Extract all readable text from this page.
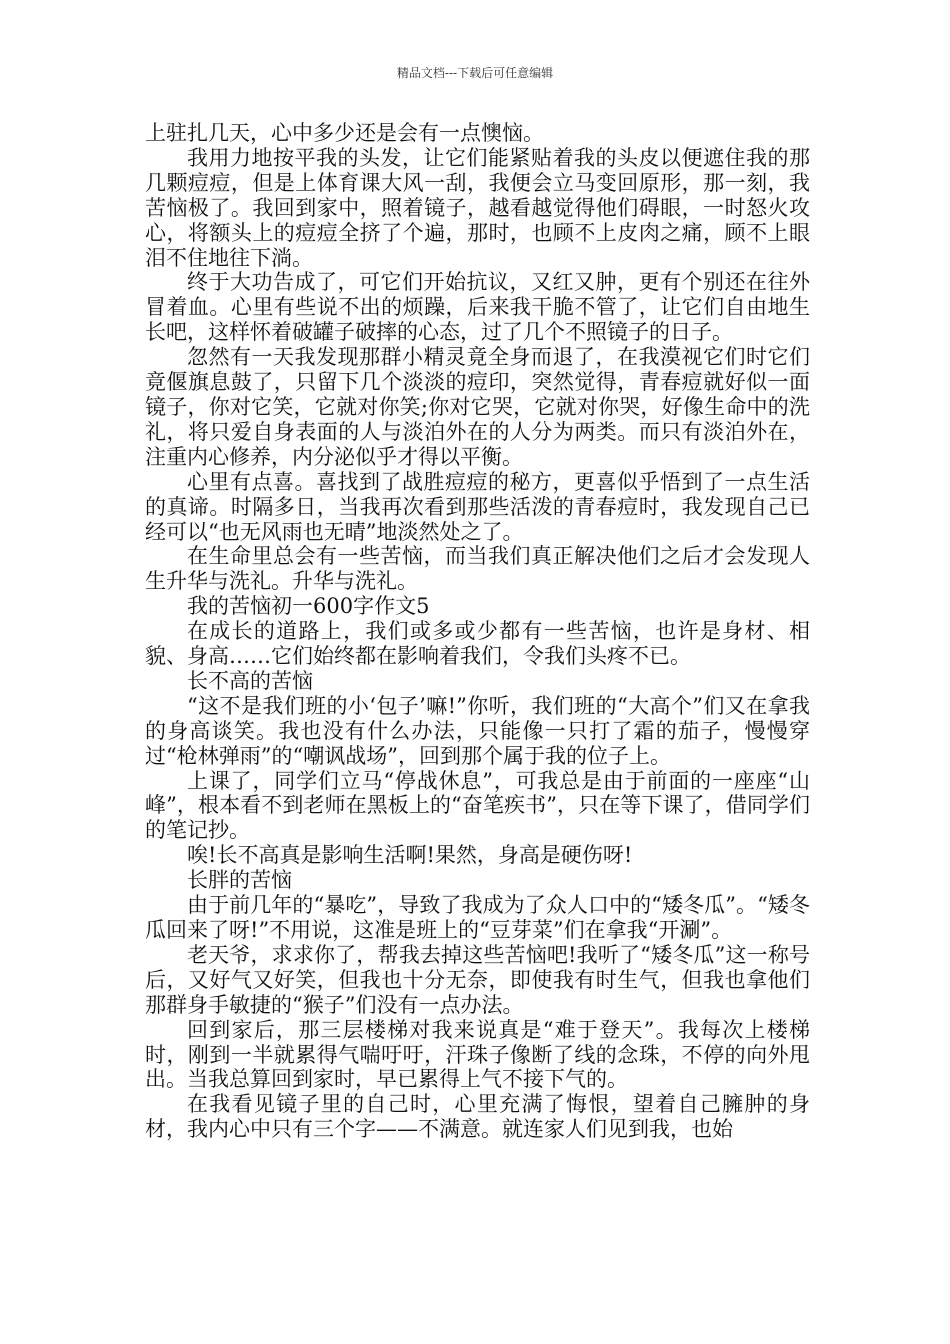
精品文档---下载后可任意编辑

上驻扎几天，心中多少还是会有一点懊恼。

我用力地按平我的头发，让它们能紧贴着我的头皮以便遮住我的那几颗痘痘，但是上体育课大风一刮，我便会立马变回原形，那一刻，我苦恼极了。我回到家中，照着镜子，越看越觉得他们碍眼，一时怒火攻心，将额头上的痘痘全挤了个遍，那时，也顾不上皮肉之痛，顾不上眼泪不住地往下淌。

终于大功告成了，可它们开始抗议，又红又肿，更有个别还在往外冒着血。心里有些说不出的烦躁，后来我干脆不管了，让它们自由地生长吧，这样怀着破罐子破摔的心态，过了几个不照镜子的日子。

忽然有一天我发现那群小精灵竟全身而退了，在我漠视它们时它们竟偃旗息鼓了，只留下几个淡淡的痘印，突然觉得，青春痘就好似一面镜子，你对它笑，它就对你笑;你对它哭，它就对你哭，好像生命中的洗礼，将只爱自身表面的人与淡泊外在的人分为两类。而只有淡泊外在，注重内心修养，内分泌似乎才得以平衡。

心里有点喜。喜找到了战胜痘痘的秘方，更喜似乎悟到了一点生活的真谛。时隔多日，当我再次看到那些活泼的青春痘时，我发现自己已经可以“也无风雨也无晴”地淡然处之了。

在生命里总会有一些苦恼，而当我们真正解决他们之后才会发现人生升华与洗礼。升华与洗礼。

我的苦恼初一600字作文5

在成长的道路上，我们或多或少都有一些苦恼，也许是身材、相貌、身高……它们始终都在影响着我们，令我们头疼不已。

长不高的苦恼

“这不是我们班的小‘包子’嘛!”你听，我们班的“大高个”们又在拿我的身高谈笑。我也没有什么办法，只能像一只打了霜的茄子，慢慢穿过“枪林弹雨”的“嘲讽战场”，回到那个属于我的位子上。

上课了，同学们立马“停战休息”，可我总是由于前面的一座座“山峰”，根本看不到老师在黑板上的“奋笔疾书”，只在等下课了，借同学们的笔记抄。

唉!长不高真是影响生活啊!果然，身高是硬伤呀!

长胖的苦恼

由于前几年的“暴吃”，导致了我成为了众人口中的“矮冬瓜”。“矮冬瓜回来了呀!”不用说，这准是班上的“豆芽菜”们在拿我“开涮”。

老天爷，求求你了，帮我去掉这些苦恼吧!我听了“矮冬瓜”这一称号后，又好气又好笑，但我也十分无奈，即使我有时生气，但我也拿他们那群身手敏捷的“猴子”们没有一点办法。

回到家后，那三层楼梯对我来说真是“难于登天”。我每次上楼梯时，刚到一半就累得气喘吁吁，汗珠子像断了线的念珠，不停的向外甩出。当我总算回到家时，早已累得上气不接下气的。

在我看见镜子里的自己时，心里充满了悔恨，望着自己臃肿的身材，我内心中只有三个字——不满意。就连家人们见到我，也始
